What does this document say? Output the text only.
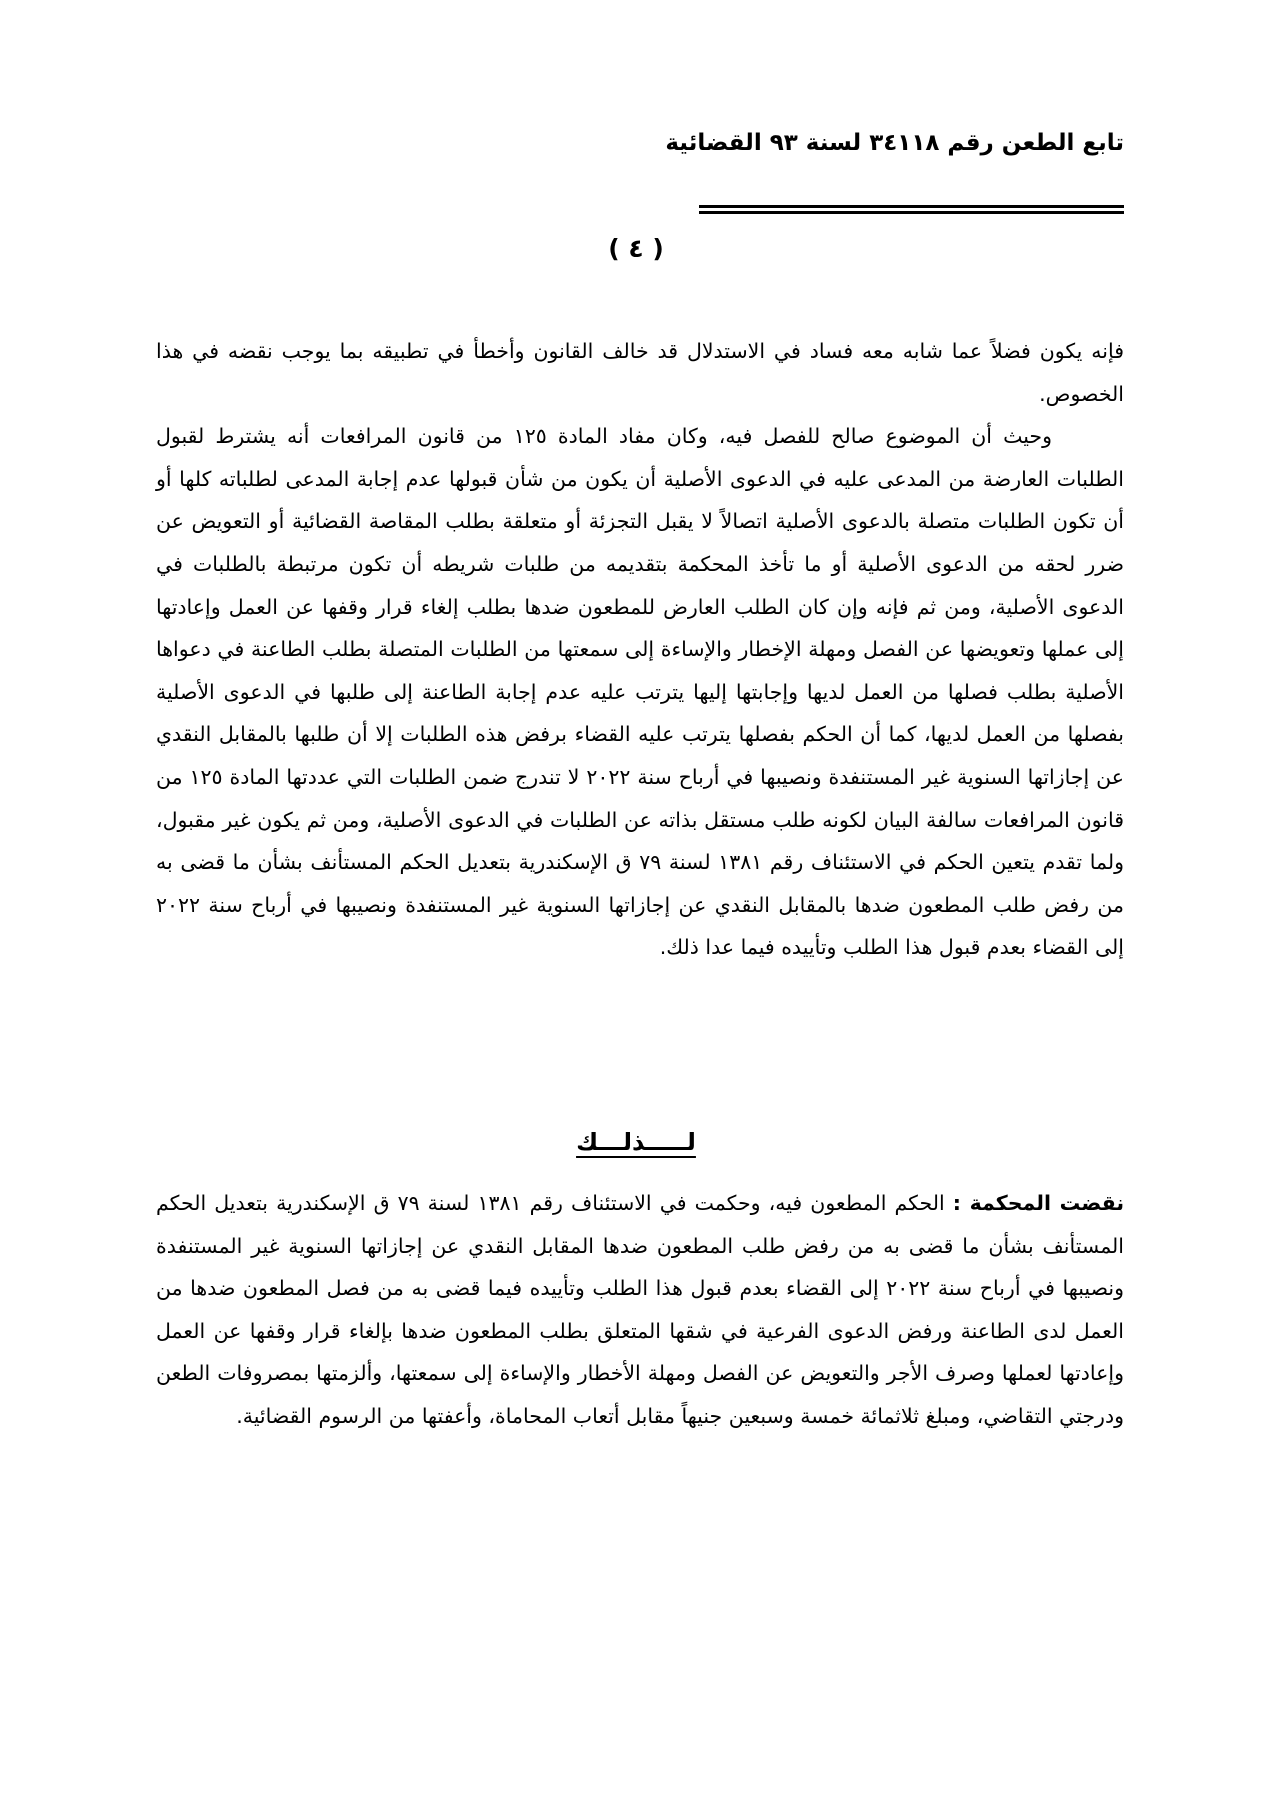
تابع الطعن رقم ٣٤١١٨ لسنة ٩٣ القضائية
( ٤ )

فإنه يكون فضلاً عما شابه معه فساد في الاستدلال قد خالف القانون وأخطأ في تطبيقه بما يوجب نقضه في هذا الخصوص.

وحيث أن الموضوع صالح للفصل فيه، وكان مفاد المادة ١٢٥ من قانون المرافعات أنه يشترط لقبول الطلبات العارضة من المدعى عليه في الدعوى الأصلية أن يكون من شأن قبولها عدم إجابة المدعى لطلباته كلها أو أن تكون الطلبات متصلة بالدعوى الأصلية اتصالاً لا يقبل التجزئة أو متعلقة بطلب المقاصة القضائية أو التعويض عن ضرر لحقه من الدعوى الأصلية أو ما تأخذ المحكمة بتقديمه من طلبات شريطه أن تكون مرتبطة بالطلبات في الدعوى الأصلية، ومن ثم فإنه وإن كان الطلب العارض للمطعون ضدها بطلب إلغاء قرار وقفها عن العمل وإعادتها إلى عملها وتعويضها عن الفصل ومهلة الإخطار والإساءة إلى سمعتها من الطلبات المتصلة بطلب الطاعنة في دعواها الأصلية بطلب فصلها من العمل لديها وإجابتها إليها يترتب عليه عدم إجابة الطاعنة إلى طلبها في الدعوى الأصلية بفصلها من العمل لديها، كما أن الحكم بفصلها يترتب عليه القضاء برفض هذه الطلبات إلا أن طلبها بالمقابل النقدي عن إجازاتها السنوية غير المستنفدة ونصيبها في أرباح سنة ٢٠٢٢ لا تندرج ضمن الطلبات التي عددتها المادة ١٢٥ من قانون المرافعات سالفة البيان لكونه طلب مستقل بذاته عن الطلبات في الدعوى الأصلية، ومن ثم يكون غير مقبول، ولما تقدم يتعين الحكم في الاستئناف رقم ١٣٨١ لسنة ٧٩ ق الإسكندرية بتعديل الحكم المستأنف بشأن ما قضى به من رفض طلب المطعون ضدها بالمقابل النقدي عن إجازاتها السنوية غير المستنفدة ونصيبها في أرباح سنة ٢٠٢٢ إلى القضاء بعدم قبول هذا الطلب وتأييده فيما عدا ذلك.

لـــــذلـــك

نقضت المحكمة : الحكم المطعون فيه، وحكمت في الاستئناف رقم ١٣٨١ لسنة ٧٩ ق الإسكندرية بتعديل الحكم المستأنف بشأن ما قضى به من رفض طلب المطعون ضدها المقابل النقدي عن إجازاتها السنوية غير المستنفدة ونصيبها في أرباح سنة ٢٠٢٢ إلى القضاء بعدم قبول هذا الطلب وتأييده فيما قضى به من فصل المطعون ضدها من العمل لدى الطاعنة ورفض الدعوى الفرعية في شقها المتعلق بطلب المطعون ضدها بإلغاء قرار وقفها عن العمل وإعادتها لعملها وصرف الأجر والتعويض عن الفصل ومهلة الأخطار والإساءة إلى سمعتها، وألزمتها بمصروفات الطعن ودرجتي التقاضي، ومبلغ ثلاثمائة خمسة وسبعين جنيهاً مقابل أتعاب المحاماة، وأعفتها من الرسوم القضائية.
